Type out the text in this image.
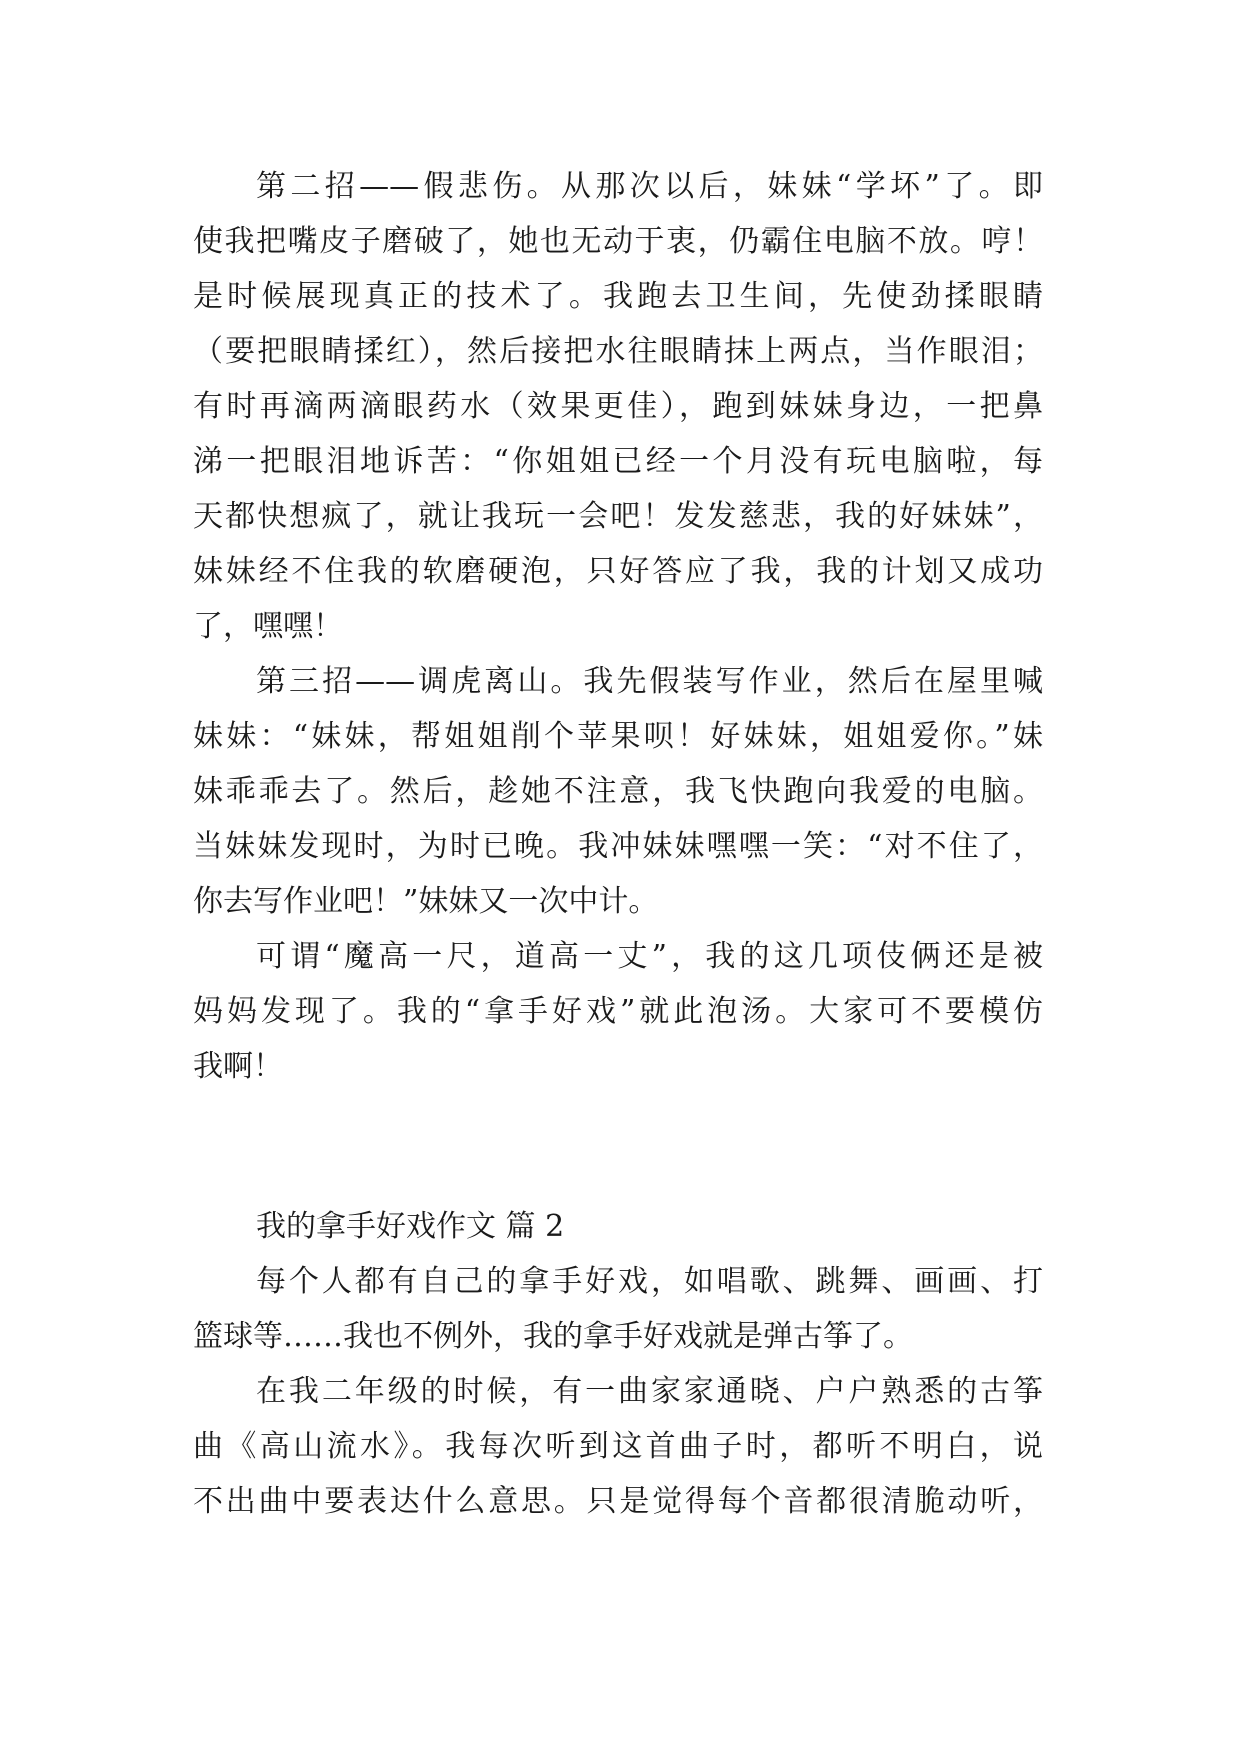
第二招——假悲伤。从那次以后，妹妹“学坏”了。即
使我把嘴皮子磨破了，她也无动于衷，仍霸住电脑不放。哼！
是时候展现真正的技术了。我跑去卫生间，先使劲揉眼睛
（要把眼睛揉红），然后接把水往眼睛抹上两点，当作眼泪；
有时再滴两滴眼药水（效果更佳），跑到妹妹身边，一把鼻
涕一把眼泪地诉苦：“你姐姐已经一个月没有玩电脑啦，每
天都快想疯了，就让我玩一会吧！发发慈悲，我的好妹妹”，
妹妹经不住我的软磨硬泡，只好答应了我，我的计划又成功
了，嘿嘿！
第三招——调虎离山。我先假装写作业，然后在屋里喊
妹妹：“妹妹，帮姐姐削个苹果呗！好妹妹，姐姐爱你。”妹
妹乖乖去了。然后，趁她不注意，我飞快跑向我爱的电脑。
当妹妹发现时，为时已晚。我冲妹妹嘿嘿一笑：“对不住了，
你去写作业吧！”妹妹又一次中计。
可谓“魔高一尺，道高一丈”，我的这几项伎俩还是被
妈妈发现了。我的“拿手好戏”就此泡汤。大家可不要模仿
我啊！
我的拿手好戏作文 篇 2
每个人都有自己的拿手好戏，如唱歌、跳舞、画画、打
篮球等……我也不例外，我的拿手好戏就是弹古筝了。
在我二年级的时候，有一曲家家通晓、户户熟悉的古筝
曲《高山流水》。我每次听到这首曲子时，都听不明白，说
不出曲中要表达什么意思。只是觉得每个音都很清脆动听，
